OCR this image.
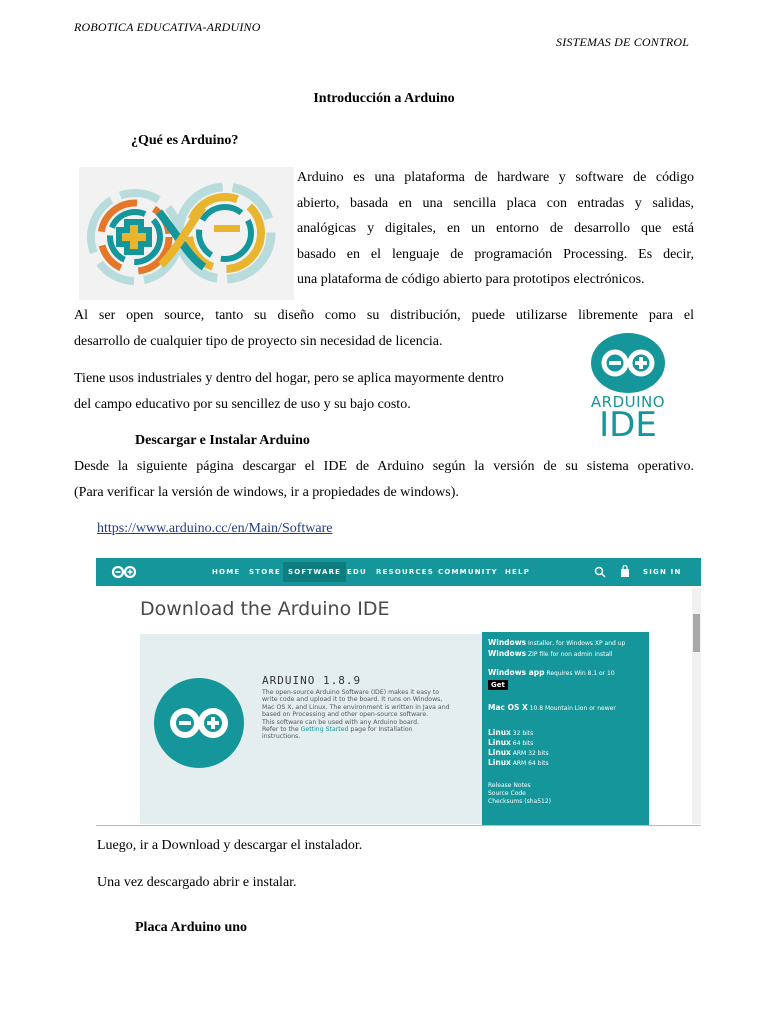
ROBOTICA EDUCATIVA-ARDUINO
SISTEMAS DE CONTROL
Introducción a Arduino
¿Qué es Arduino?
Arduino es una plataforma de hardware y software de código
abierto, basada en una sencilla placa con entradas y salidas,
analógicas y digitales, en un entorno de desarrollo que está
basado en el lenguaje de programación Processing. Es decir,
una plataforma de código abierto para prototipos electrónicos.
Al ser open source, tanto su diseño como su distribución, puede utilizarse libremente para el
desarrollo de cualquier tipo de proyecto sin necesidad de licencia.
Tiene usos industriales y dentro del hogar, pero se aplica mayormente dentro
del campo educativo por su sencillez de uso y su bajo costo.	ARDUINO
IDE
Descargar e Instalar Arduino
Desde la siguiente página descargar el IDE de Arduino según la versión de su sistema operativo.
(Para verificar la versión de windows, ir a propiedades de windows).
https://www.arduino.cc/en/Main/Software
HOME STORE	SOFTWARE EDU RESOURCES COMMUNITY HELP	SIGN IN
Download the Arduino IDE
ARDUINO 1.8.9
The open-source Arduino Software (IDE) makes it easy to write code and upload it to the board. It runs on Windows, Mac OS X, and Linux. The environment is written in Java and based on Processing and other open-source software.
This software can be used with any Arduino board.
Refer to the Getting Started page for Installation instructions.
Windows Installer, for Windows XP and up
Windows ZIP file for non admin install
Windows app Requires Win 8.1 or 10
Get
Mac OS X 10.8 Mountain Lion or newer
Linux 32 bits
Linux 64 bits
Linux ARM 32 bits
Linux ARM 64 bits
Release Notes
Source Code
Checksums (sha512)
Luego, ir a Download y descargar el instalador.
Una vez descargado abrir e instalar.
Placa Arduino uno
